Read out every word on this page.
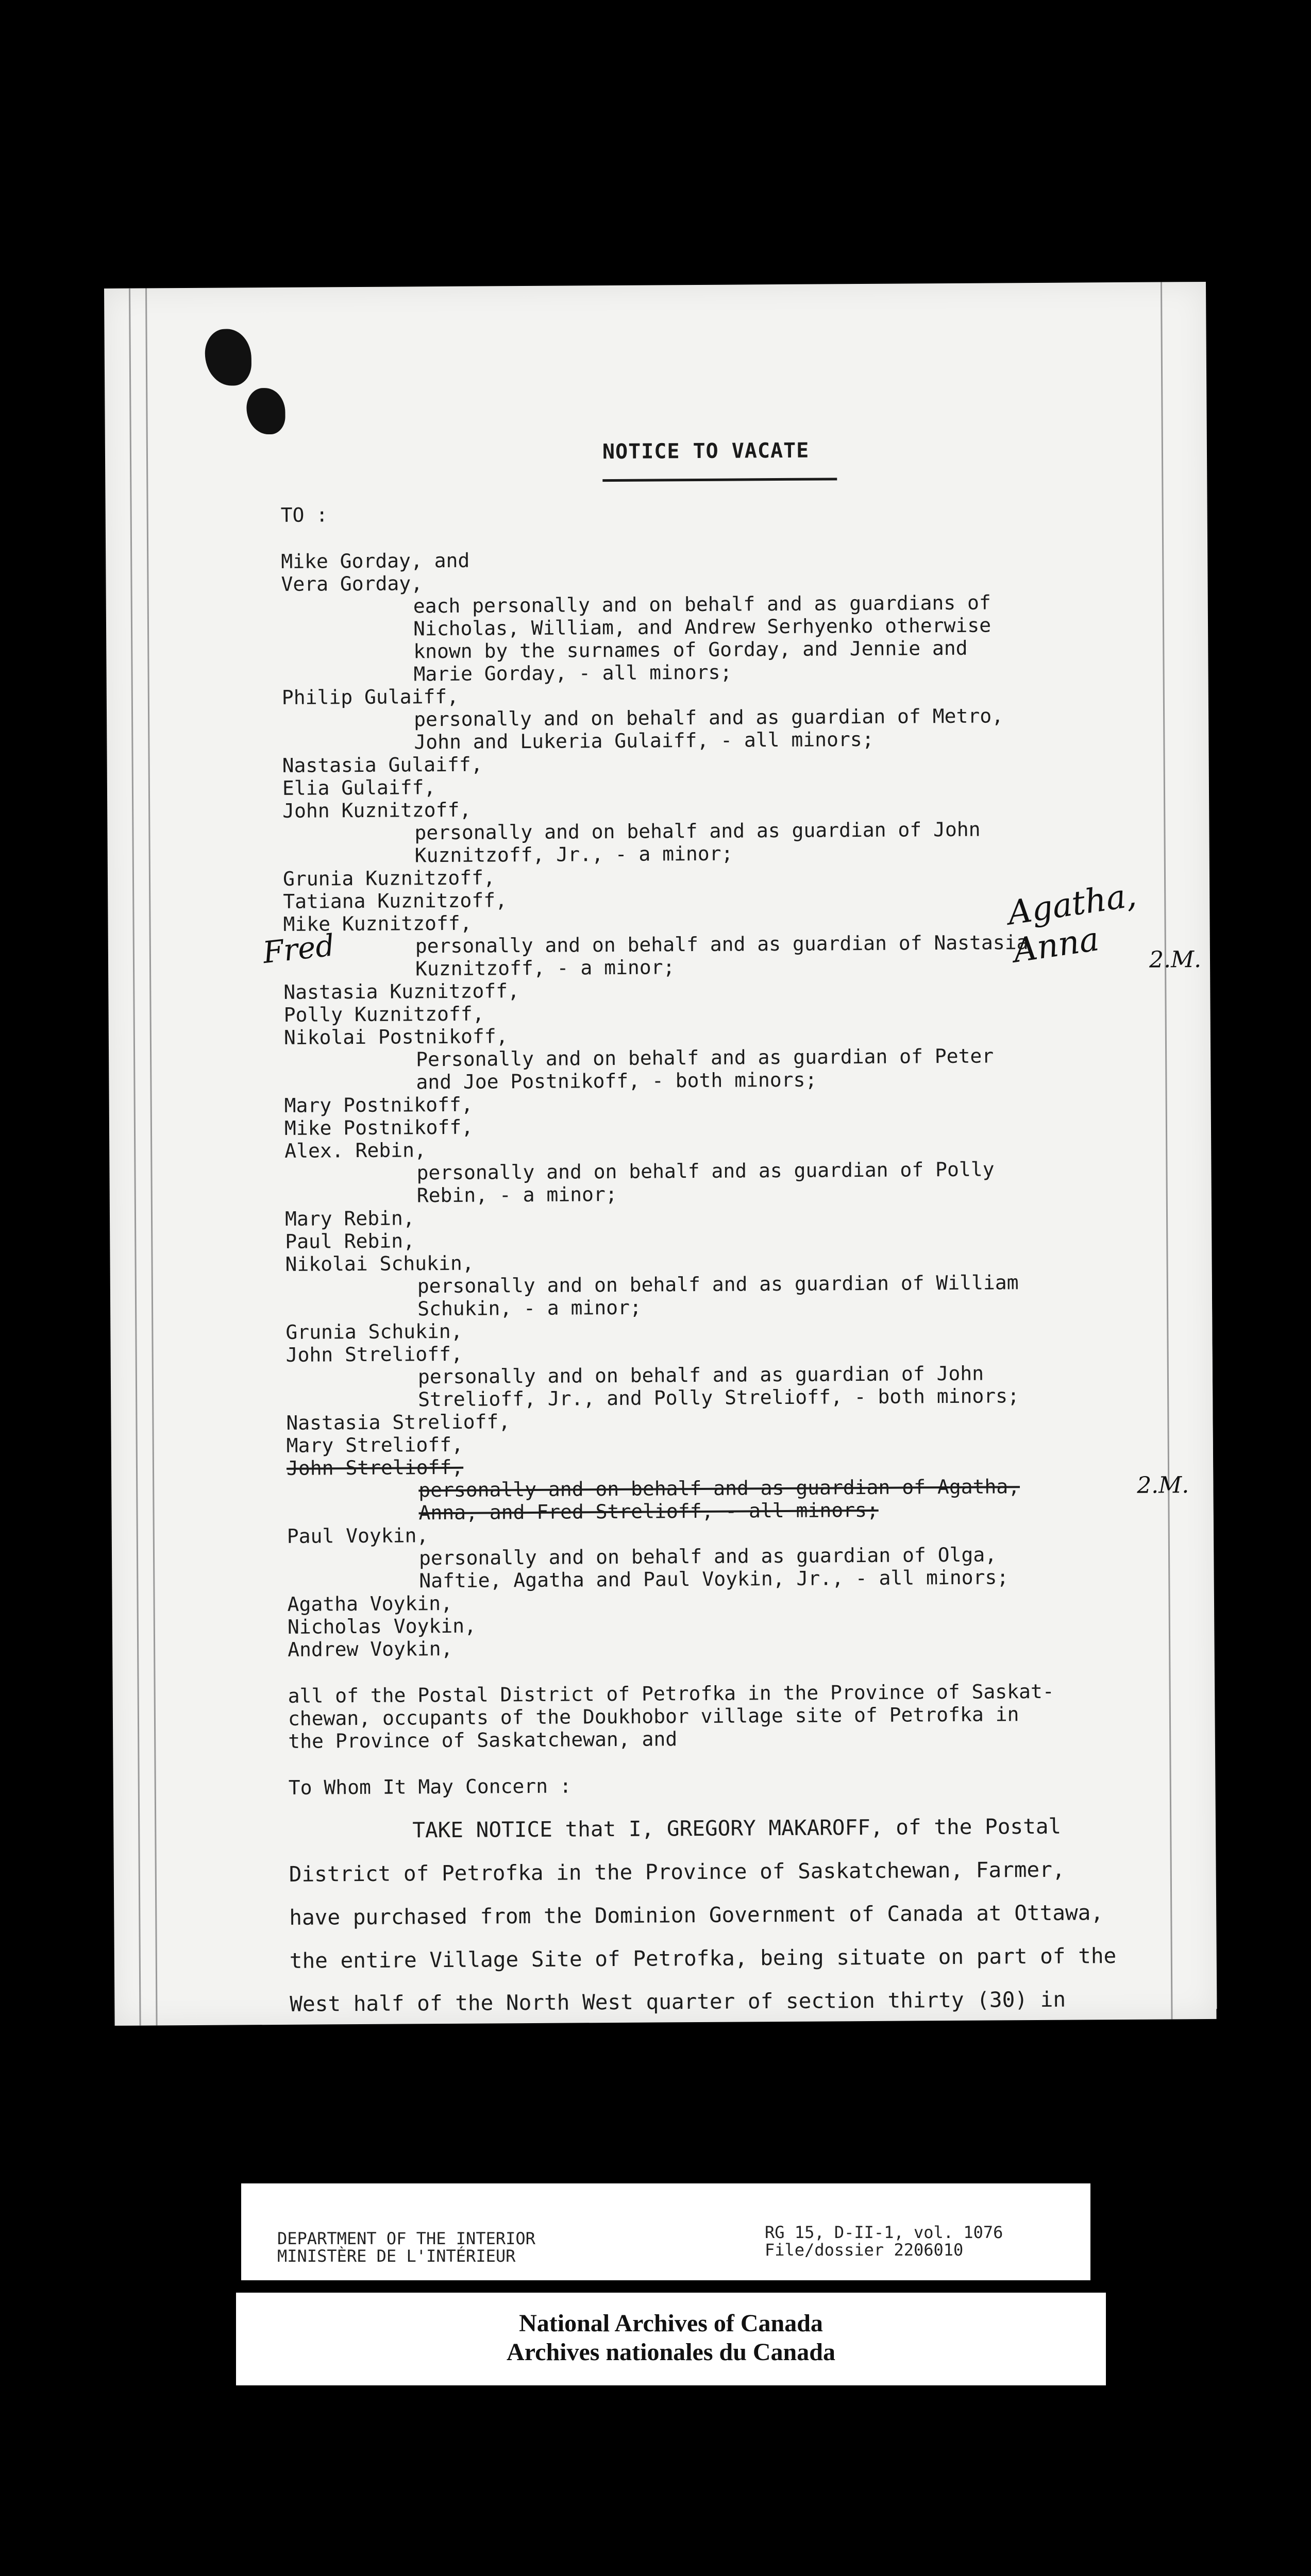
NOTICE TO VACATE
TO :
Mike Gorday, and
Vera Gorday,
each personally and on behalf and as guardians of
Nicholas, William, and Andrew Serhyenko otherwise
known by the surnames of Gorday, and Jennie and
Marie Gorday, - all minors;
Philip Gulaiff,
personally and on behalf and as guardian of Metro,
John and Lukeria Gulaiff, - all minors;
Nastasia Gulaiff,
Elia Gulaiff,
John Kuznitzoff,
personally and on behalf and as guardian of John
Kuznitzoff, Jr., - a minor;
Grunia Kuznitzoff,
Tatiana Kuznitzoff,
Mike Kuznitzoff,
personally and on behalf and as guardian of Nastasia
Kuznitzoff, - a minor;
Nastasia Kuznitzoff,
Polly Kuznitzoff,
Nikolai Postnikoff,
Personally and on behalf and as guardian of Peter
and Joe Postnikoff, - both minors;
Mary Postnikoff,
Mike Postnikoff,
Alex. Rebin,
personally and on behalf and as guardian of Polly
Rebin, - a minor;
Mary Rebin,
Paul Rebin,
Nikolai Schukin,
personally and on behalf and as guardian of William
Schukin, - a minor;
Grunia Schukin,
John Strelioff,
personally and on behalf and as guardian of John
Strelioff, Jr., and Polly Strelioff, - both minors;
Nastasia Strelioff,
Mary Strelioff,
John Strelioff,
personally and on behalf and as guardian of Agatha,
Anna, and Fred Strelioff, - all minors;
Paul Voykin,
personally and on behalf and as guardian of Olga,
Naftie, Agatha and Paul Voykin, Jr., - all minors;
Agatha Voykin,
Nicholas Voykin,
Andrew Voykin,
all of the Postal District of Petrofka in the Province of Saskat-
chewan, occupants of the Doukhobor village site of Petrofka in
the Province of Saskatchewan, and
To Whom It May Concern :
TAKE NOTICE that I, GREGORY MAKAROFF, of the Postal
District of Petrofka in the Province of Saskatchewan, Farmer,
have purchased from the Dominion Government of Canada at Ottawa,
the entire Village Site of Petrofka, being situate on part of the
West half of the North West quarter of section thirty (30) in
Agatha, Anna
Fred	2.M.
2.M.
DEPARTMENT OF THE INTERIOR
MINISTÈRE DE L'INTÉRIEUR
RG 15, D-II-1, vol. 1076
File/dossier 2206010
National Archives of Canada
Archives nationales du Canada
